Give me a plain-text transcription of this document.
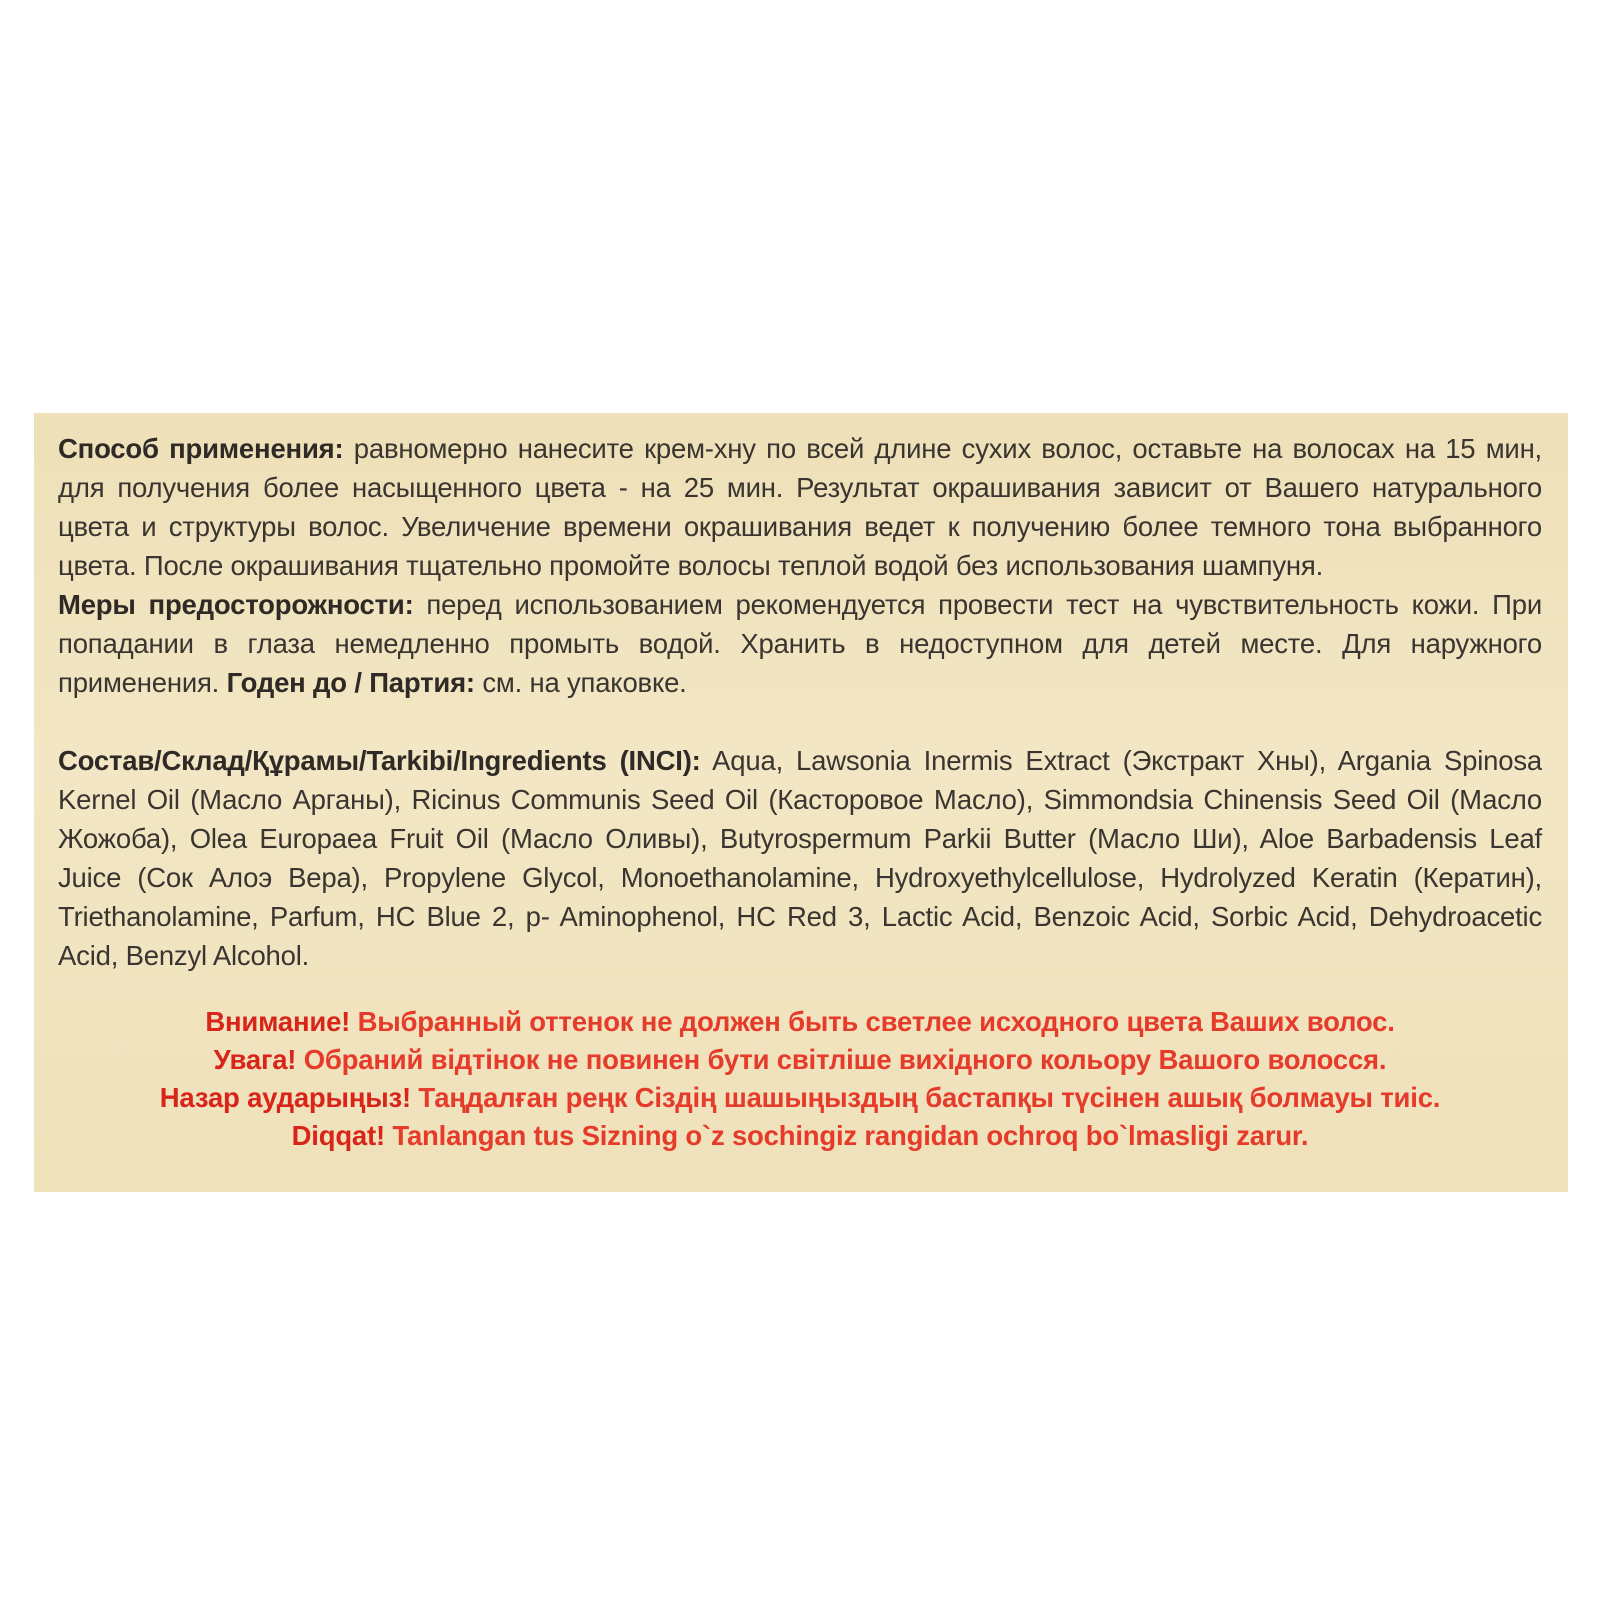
Способ применения: равномерно нанесите крем-хну по всей длине сухих волос, оставьте на волосах на 15 мин, для получения более насыщенного цвета - на 25 мин. Результат окрашивания зависит от Вашего натурального цвета и структуры волос. Увеличение времени окрашивания ведет к получению более темного тона выбранного цвета. После окрашивания тщательно промойте волосы теплой водой без использования шампуня.

Меры предосторожности: перед использованием рекомендуется провести тест на чувствительность кожи. При попадании в глаза немедленно промыть водой. Хранить в недоступном для детей месте. Для наружного применения. Годен до / Партия: см. на упаковке.

Состав/Склад/Құрамы/Tarkibi/Ingredients (INCI): Aqua, Lawsonia Inermis Extract (Экстракт Хны), Argania Spinosa Kernel Oil (Масло Арганы), Ricinus Communis Seed Oil (Касторовое Масло), Simmondsia Chinensis Seed Oil (Масло Жожоба), Olea Europaea Fruit Oil (Масло Оливы), Butyrospermum Parkii Butter (Масло Ши), Aloe Barbadensis Leaf Juice (Сок Алоэ Вера), Propylene Glycol, Monoethanolamine, Hydroxyethylcellulose, Hydrolyzed Keratin (Кератин), Triethanolamine, Parfum, HC Blue 2, p- Aminophenol, HC Red 3, Lactic Acid, Benzoic Acid, Sorbic Acid, Dehydroacetic Acid, Benzyl Alcohol.

Внимание! Выбранный оттенок не должен быть светлее исходного цвета Ваших волос.
Увага! Обраний відтінок не повинен бути світліше вихідного кольору Вашого волосся.
Назар аударыңыз! Таңдалған реңк Сіздің шашыңыздың бастапқы түсінен ашық болмауы тиіс.
Diqqat! Tanlangan tus Sizning o`z sochingiz rangidan ochroq bo`lmasligi zarur.
